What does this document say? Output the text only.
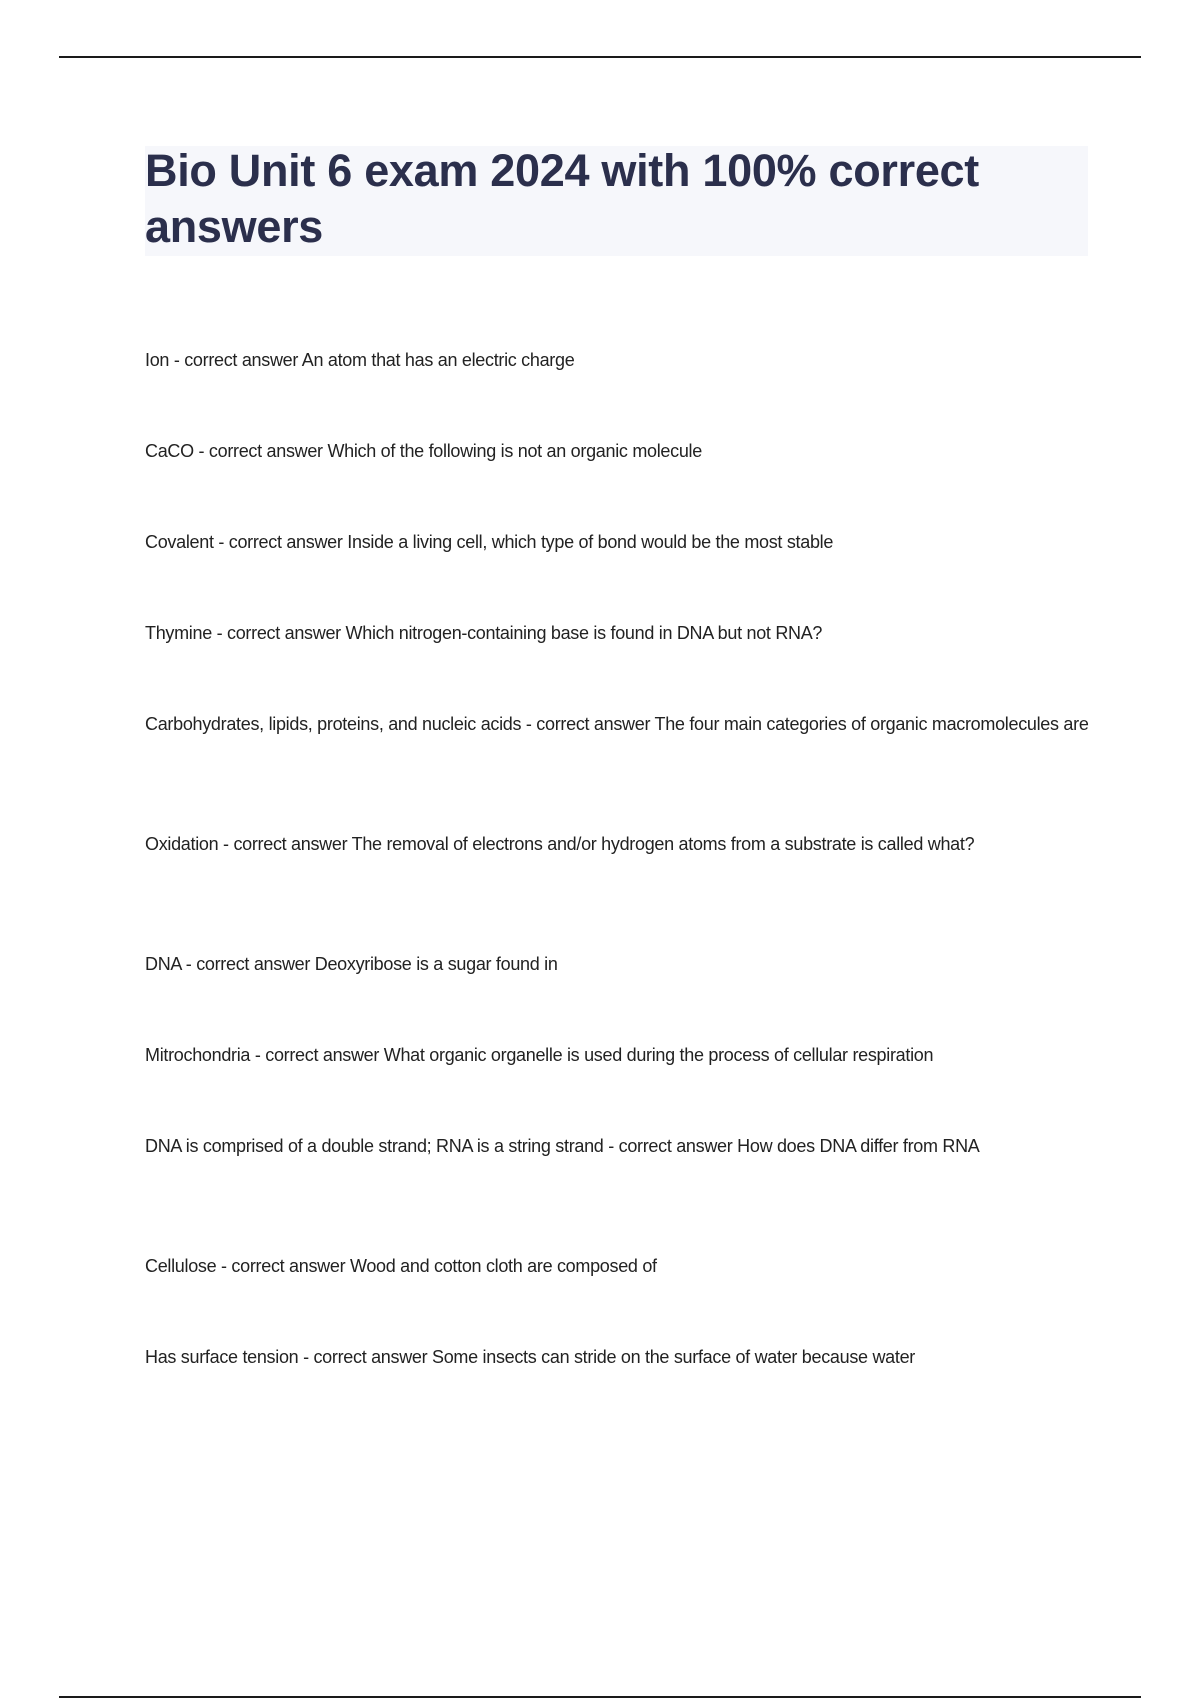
Bio Unit 6 exam 2024 with 100% correct answers
Ion - correct answer An atom that has an electric charge
CaCO - correct answer Which of the following is not an organic molecule
Covalent - correct answer Inside a living cell, which type of bond would be the most stable
Thymine - correct answer Which nitrogen-containing base is found in DNA but not RNA?
Carbohydrates, lipids, proteins, and nucleic acids - correct answer The four main categories of organic macromolecules are
Oxidation - correct answer The removal of electrons and/or hydrogen atoms from a substrate is called what?
DNA - correct answer Deoxyribose is a sugar found in
Mitrochondria - correct answer What organic organelle is used during the process of cellular respiration
DNA is comprised of a double strand; RNA is a string strand - correct answer How does DNA differ from RNA
Cellulose - correct answer Wood and cotton cloth are composed of
Has surface tension - correct answer Some insects can stride on the surface of water because water
